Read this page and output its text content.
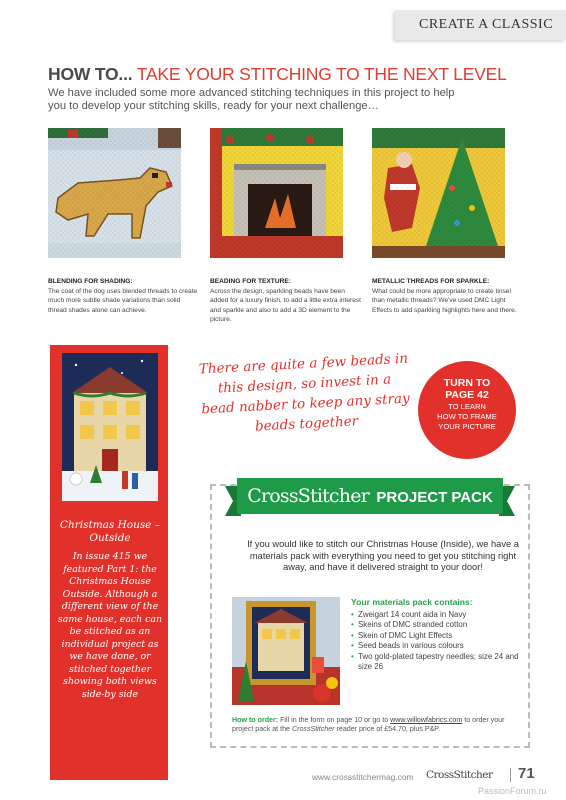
CREATE A CLASSIC
HOW TO... TAKE YOUR STITCHING TO THE NEXT LEVEL
We have included some more advanced stitching techniques in this project to help you to develop your stitching skills, ready for your next challenge…
BLENDING FOR SHADING:
The coat of the dog uses blended threads to create much more subtle shade variations than solid thread shades alone can achieve.
BEADING FOR TEXTURE:
Across the design, sparkling beads have been added for a luxury finish, to add a little extra interest and sparkle and also to add a 3D element to the picture.
METALLIC THREADS FOR SPARKLE:
What could be more appropriate to create tinsel than metallic threads? We've used DMC Light Effects to add sparkling highlights here and there.
Christmas House – Outside
In issue 415 we featured Part 1: the Christmas House Outside. Although a different view of the same house, each can be stitched as an individual project as we have done, or stitched together showing both views side-by side
There are quite a few beads in this design, so invest in a bead nabber to keep any stray beads together
TURN TO
PAGE 42
TO LEARN
HOW TO FRAME
YOUR PICTURE
CrossStitcher PROJECT PACK
If you would like to stitch our Christmas House (Inside), we have a materials pack with everything you need to get you stitching right away, and have it delivered straight to your door!
Your materials pack contains:
• Zweigart 14 count aida in Navy
• Skeins of DMC stranded cotton
• Skein of DMC Light Effects
• Seed beads in various colours
• Two gold-plated tapestry needles; size 24 and size 26
How to order: Fill in the form on page 10 or go to www.willowfabrics.com to order your project pack at the CrossStitcher reader price of £54.70, plus P&P.
www.crossstitchermag.com CrossStitcher 71
PassionForum.ru
